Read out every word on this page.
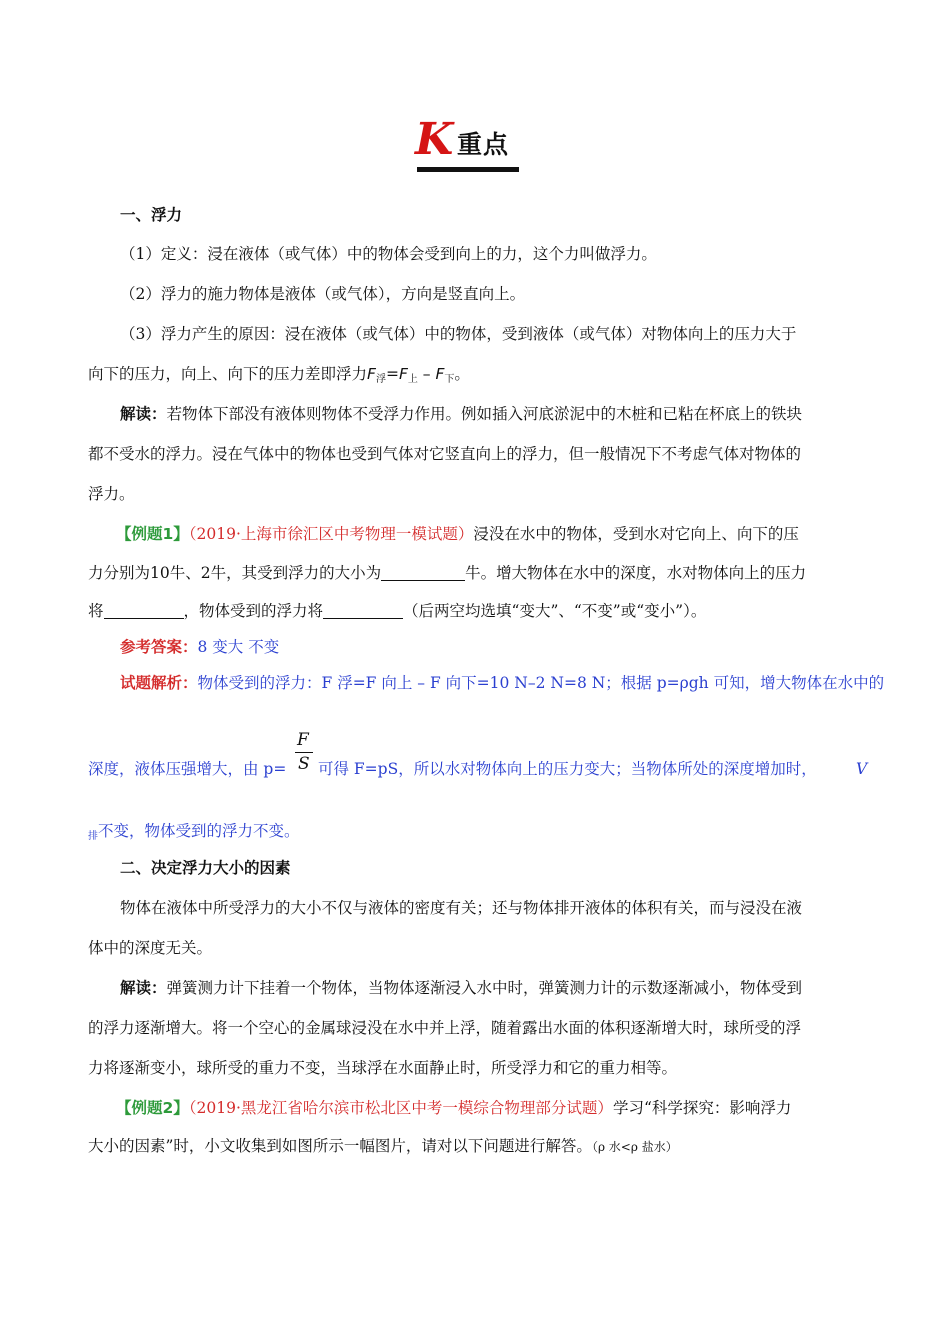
K 重点
一、浮力
（1）定义：浸在液体（或气体）中的物体会受到向上的力，这个力叫做浮力。
（2）浮力的施力物体是液体（或气体），方向是竖直向上。
（3）浮力产生的原因：浸在液体（或气体）中的物体，受到液体（或气体）对物体向上的压力大于
向下的压力，向上、向下的压力差即浮力$F_浮=F_上 - F_下$。
解读：若物体下部没有液体则物体不受浮力作用。例如插入河底淤泥中的木桩和已粘在杯底上的铁块
都不受水的浮力。浸在气体中的物体也受到气体对它竖直向上的浮力，但一般情况下不考虑气体对物体的
浮力。
【例题1】（2019·上海市徐汇区中考物理一模试题）浸没在水中的物体，受到水对它向上、向下的压
力分别为10牛、2牛，其受到浮力的大小为	牛。增大物体在水中的深度，水对物体向上的压力
将	，物体受到的浮力将	（后两空均选填“变大”、“不变”或“变小”）。
参考答案：8 变大 不变
试题解析：物体受到的浮力：F 浮=F 向上 – F 向下=10 N–2 N=8 N；根据 p=ρgh 可知，增大物体在水中的
F
S
深度，液体压强增大，由 p= 可得 F=pS，所以水对物体向上的压力变大；当物体所处的深度增加时，	V
$_排$不变，物体受到的浮力不变。
二、决定浮力大小的因素
物体在液体中所受浮力的大小不仅与液体的密度有关；还与物体排开液体的体积有关，而与浸没在液
体中的深度无关。
解读：弹簧测力计下挂着一个物体，当物体逐渐浸入水中时，弹簧测力计的示数逐渐减小，物体受到
的浮力逐渐增大。将一个空心的金属球浸没在水中并上浮，随着露出水面的体积逐渐增大时，球所受的浮
力将逐渐变小，球所受的重力不变，当球浮在水面静止时，所受浮力和它的重力相等。
【例题2】（2019·黑龙江省哈尔滨市松北区中考一模综合物理部分试题）学习“科学探究：影响浮力
大小的因素”时，小文收集到如图所示一幅图片，请对以下问题进行解答。（ρ 水<ρ 盐水）
